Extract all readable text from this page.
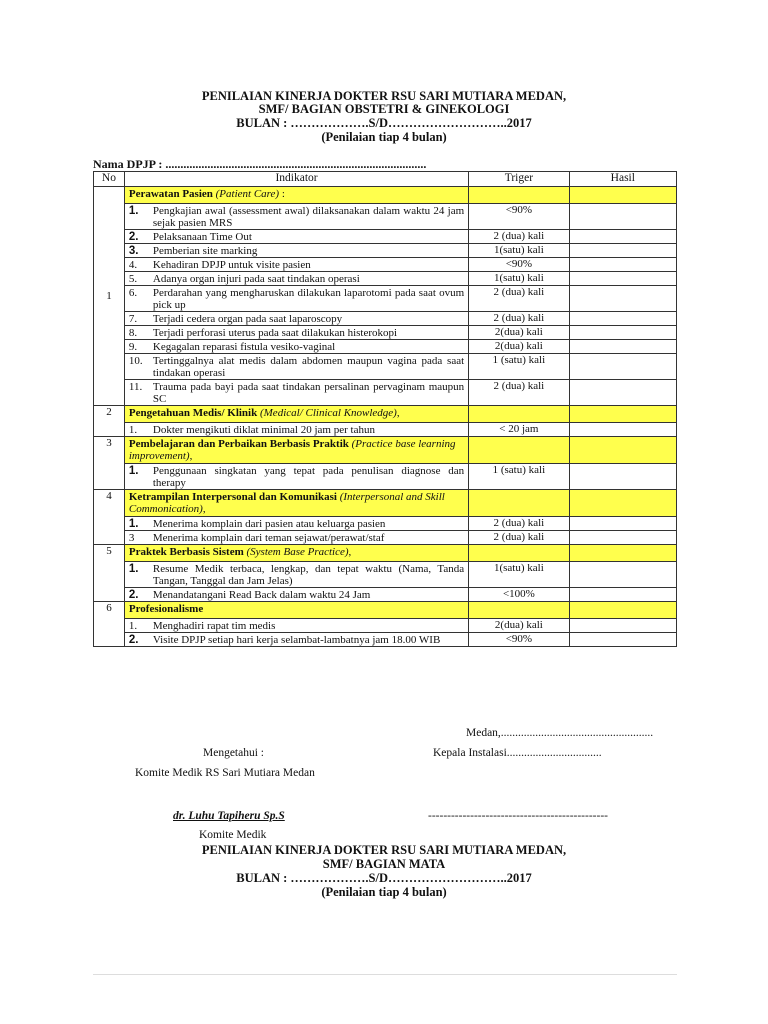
PENILAIAN KINERJA DOKTER RSU SARI MUTIARA MEDAN,
SMF/ BAGIAN OBSTETRI & GINEKOLOGI
BULAN : ……………….S/D………………………..2017
(Penilaian tiap 4 bulan)
Nama DPJP : .......................................................................................
No	Indikator	Triger	Hasil
1	Perawatan Pasien (Patient Care) :		

	1. Pengkajian awal (assessment awal) dilaksanakan dalam waktu 24 jam sejak pasien MRS	<90%	

	2. Pelaksanaan Time Out	2 (dua) kali	

	3. Pemberian site marking	1(satu) kali	

	4. Kehadiran DPJP untuk visite pasien	<90%	

	5. Adanya organ injuri pada saat tindakan operasi	1(satu) kali	

	6. Perdarahan yang mengharuskan dilakukan laparotomi pada saat ovum pick up	2 (dua) kali	

	7. Terjadi cedera organ pada saat laparoscopy	2 (dua) kali	

	8. Terjadi perforasi uterus pada saat dilakukan histerokopi	2(dua) kali	

	9. Kegagalan reparasi fistula vesiko-vaginal	2(dua) kali	

	10. Tertinggalnya alat medis dalam abdomen maupun vagina pada saat tindakan operasi	1 (satu) kali	

	11. Trauma pada bayi pada saat tindakan persalinan pervaginam maupun SC	2 (dua) kali	
2	Pengetahuan Medis/ Klinik (Medical/ Clinical Knowledge),		

	1. Dokter mengikuti diklat minimal 20 jam per tahun	< 20 jam	
3	Pembelajaran dan Perbaikan Berbasis Praktik (Practice base learning improvement),		

	1. Penggunaan singkatan yang tepat pada penulisan diagnose dan therapy	1 (satu) kali	
4	Ketrampilan Interpersonal dan Komunikasi (Interpersonal and Skill Commonication),		

	1. Menerima komplain dari pasien atau keluarga pasien	2 (dua) kali	

	3 Menerima komplain dari teman sejawat/perawat/staf	2 (dua) kali	
5	Praktek Berbasis Sistem (System Base Practice),		

	1. Resume Medik terbaca, lengkap, dan tepat waktu (Nama, Tanda Tangan, Tanggal dan Jam Jelas)	1(satu) kali	

	2. Menandatangani Read Back dalam waktu 24 Jam	<100%	
6	Profesionalisme		

	1. Menghadiri rapat tim medis	2(dua) kali	

	2. Visite DPJP setiap hari kerja selambat-lambatnya jam 18.00 WIB	<90%	
Medan,.....................................................
Mengetahui :	Kepala Instalasi.................................
Komite Medik RS Sari Mutiara Medan
dr. Luhu Tapiheru Sp.S	-----------------------------------------------
Komite Medik
PENILAIAN KINERJA DOKTER RSU SARI MUTIARA MEDAN,
SMF/ BAGIAN MATA
BULAN : ……………….S/D………………………..2017
(Penilaian tiap 4 bulan)
